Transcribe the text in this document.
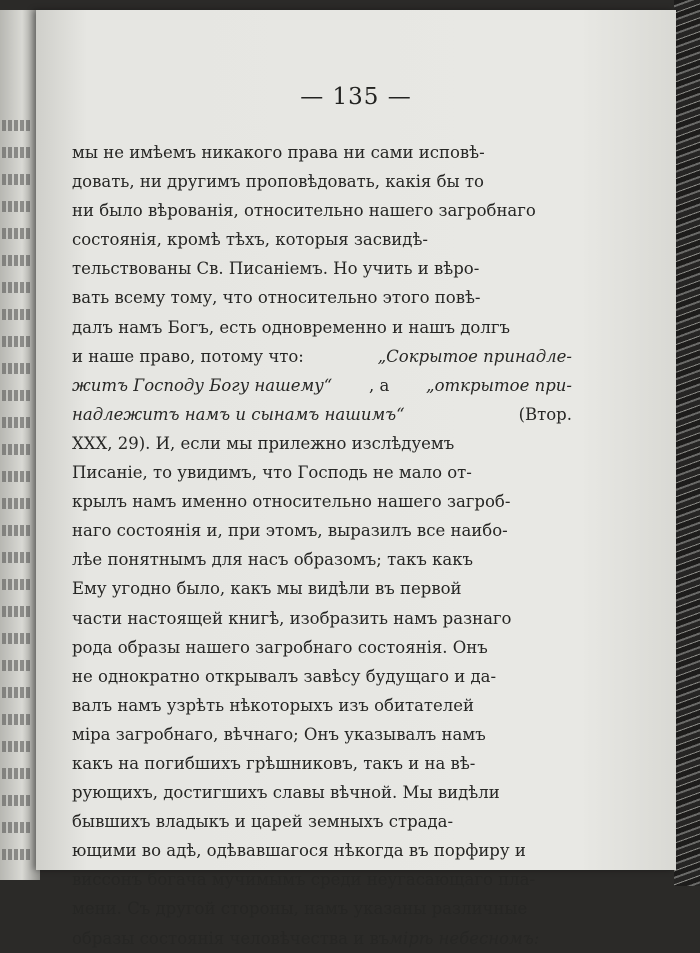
— 135 —
мы не имѣемъ никакого права ни сами исповѣ-
довать, ни другимъ проповѣдовать, какія бы то
ни было вѣрованія, относительно нашего загробнаго
состоянія, кромѣ тѣхъ, которыя засвидѣ-
тельствованы Св. Писаніемъ. Но учить и вѣро-
вать всему тому, что относительно этого повѣ-
далъ намъ Богъ, есть одновременно и нашъ долгъ
и наше право, потому что:	„Сокрытое принадле-
житъ Господу Богу нашему“ , а „открытое при-
надлежитъ намъ и сынамъ нашимъ“	(Втор.
ХХХ, 29). И, если мы прилежно изслѣдуемъ
Писаніе, то увидимъ, что Господь не мало от-
крылъ намъ именно относительно нашего загроб-
наго состоянія и, при этомъ, выразилъ все наибо-
лѣе понятнымъ для насъ образомъ; такъ какъ
Ему угодно было, какъ мы видѣли въ первой
части настоящей книгѣ, изобразить намъ разнаго
рода образы нашего загробнаго состоянія. Онъ
не однократно открывалъ завѣсу будущаго и да-
валъ намъ узрѣть нѣкоторыхъ изъ обитателей
міра загробнаго, вѣчнаго; Онъ указывалъ намъ
какъ на погибшихъ грѣшниковъ, такъ и на вѣ-
рующихъ, достигшихъ славы вѣчной. Мы видѣли
бывшихъ владыкъ и царей земныхъ страда-
ющими во адѣ, одѣвавшагося нѣкогда въ порфиру и
виссонъ богача мучимымъ среди неугасающаго пла-
мени. Съ другой стороны, намъ указаны различные
образы состоянія человѣчества и въ мірѣ небесномъ:
